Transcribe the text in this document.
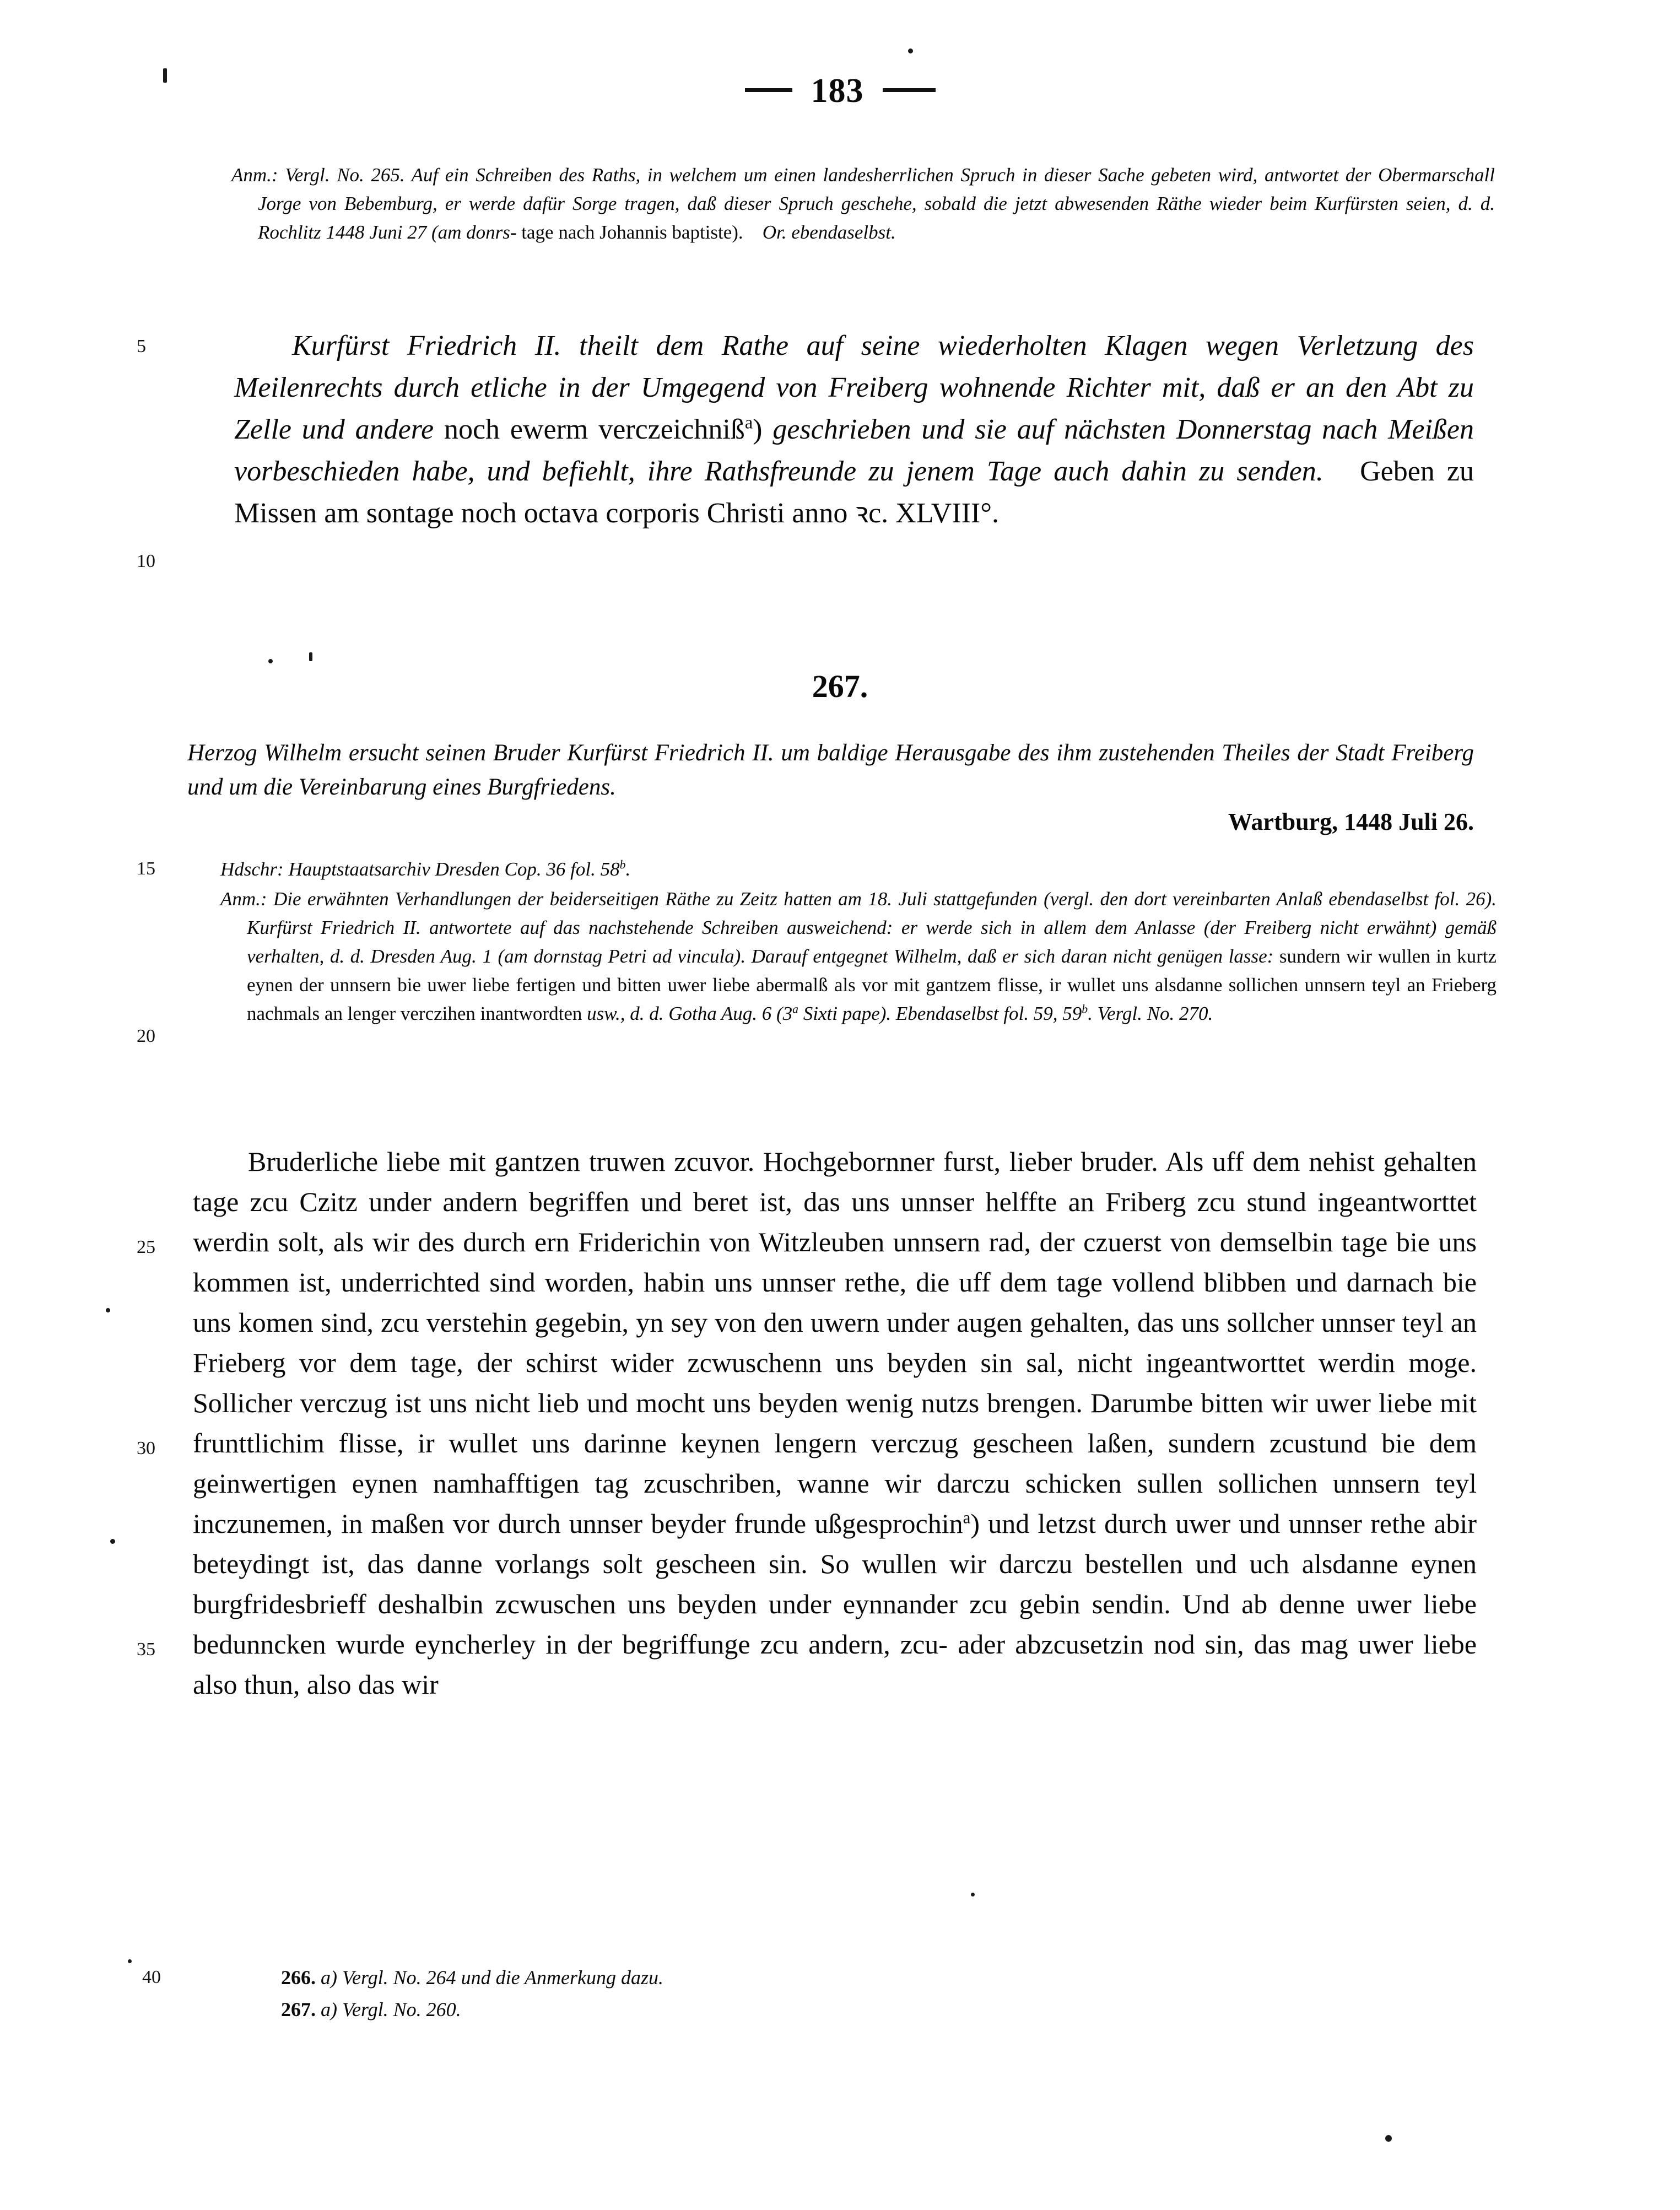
183
Anm.: Vergl. No. 265. Auf ein Schreiben des Raths, in welchem um einen landesherrlichen Spruch in dieser Sache gebeten wird, antwortet der Obermarschall Jorge von Bebemburg, er werde dafür Sorge tragen, daß dieser Spruch geschehe, sobald die jetzt abwesenden Räthe wieder beim Kurfürsten seien, d. d. Rochlitz 1448 Juni 27 (am donrs- tage nach Johannis baptiste). Or. ebendaselbst.
5
10
Kurfürst Friedrich II. theilt dem Rathe auf seine wiederholten Klagen wegen Verletzung des Meilenrechts durch etliche in der Umgegend von Freiberg wohnende Richter mit, daß er an den Abt zu Zelle und andere noch ewerm verczeichniß$^a$) geschrieben und sie auf nächsten Donnerstag nach Meißen vorbeschieden habe, und befiehlt, ihre Rathsfreunde zu jenem Tage auch dahin zu senden. Geben zu Missen am sontage noch octava corporis Christi anno ꝛc. XLVIII°.
267.
Herzog Wilhelm ersucht seinen Bruder Kurfürst Friedrich II. um baldige Herausgabe des ihm zustehenden Theiles der Stadt Freiberg und um die Vereinbarung eines Burgfriedens.
Wartburg, 1448 Juli 26.
15
20
Hdschr: Hauptstaatsarchiv Dresden Cop. 36 fol. 58$^b$.
Anm.: Die erwähnten Verhandlungen der beiderseitigen Räthe zu Zeitz hatten am 18. Juli stattgefunden (vergl. den dort vereinbarten Anlaß ebendaselbst fol. 26). Kurfürst Friedrich II. antwortete auf das nachstehende Schreiben ausweichend: er werde sich in allem dem Anlasse (der Freiberg nicht erwähnt) gemäß verhalten, d. d. Dresden Aug. 1 (am dornstag Petri ad vincula). Darauf entgegnet Wilhelm, daß er sich daran nicht genügen lasse: sundern wir wullen in kurtz eynen der unnsern bie uwer liebe fertigen und bitten uwer liebe abermalß als vor mit gantzem flisse, ir wullet uns alsdanne sollichen unnsern teyl an Frieberg nachmals an lenger verczihen inantwordten usw., d. d. Gotha Aug. 6 (3$^a$ Sixti pape). Ebendaselbst fol. 59, 59$^b$. Vergl. No. 270.
25
30
35
Bruderliche liebe mit gantzen truwen zcuvor. Hochgebornner furst, lieber bruder. Als uff dem nehist gehalten tage zcu Czitz under andern begriffen und beret ist, das uns unnser helffte an Friberg zcu stund ingeantworttet werdin solt, als wir des durch ern Friderichin von Witzleuben unnsern rad, der czuerst von demselbin tage bie uns kommen ist, underrichted sind worden, habin uns unnser rethe, die uff dem tage vollend blibben und darnach bie uns komen sind, zcu verstehin gegebin, yn sey von den uwern under augen gehalten, das uns sollcher unnser teyl an Frieberg vor dem tage, der schirst wider zcwuschenn uns beyden sin sal, nicht ingeantworttet werdin moge. Sollicher verczug ist uns nicht lieb und mocht uns beyden wenig nutzs brengen. Darumbe bitten wir uwer liebe mit frunttlichim flisse, ir wullet uns darinne keynen lengern verczug gescheen laßen, sundern zcustund bie dem geinwertigen eynen namhafftigen tag zcuschriben, wanne wir darczu schicken sullen sollichen unnsern teyl inczunemen, in maßen vor durch unnser beyder frunde ußgesprochin$^a$) und letzst durch uwer und unnser rethe abir beteydingt ist, das danne vorlangs solt gescheen sin. So wullen wir darczu bestellen und uch alsdanne eynen burgfridesbrieff deshalbin zcwuschen uns beyden under eynnander zcu gebin sendin. Und ab denne uwer liebe bedunncken wurde eyncherley in der begriffunge zcu andern, zcu- ader abzcusetzin nod sin, das mag uwer liebe also thun, also das wir
40	266. a) Vergl. No. 264 und die Anmerkung dazu.
267. a) Vergl. No. 260.
